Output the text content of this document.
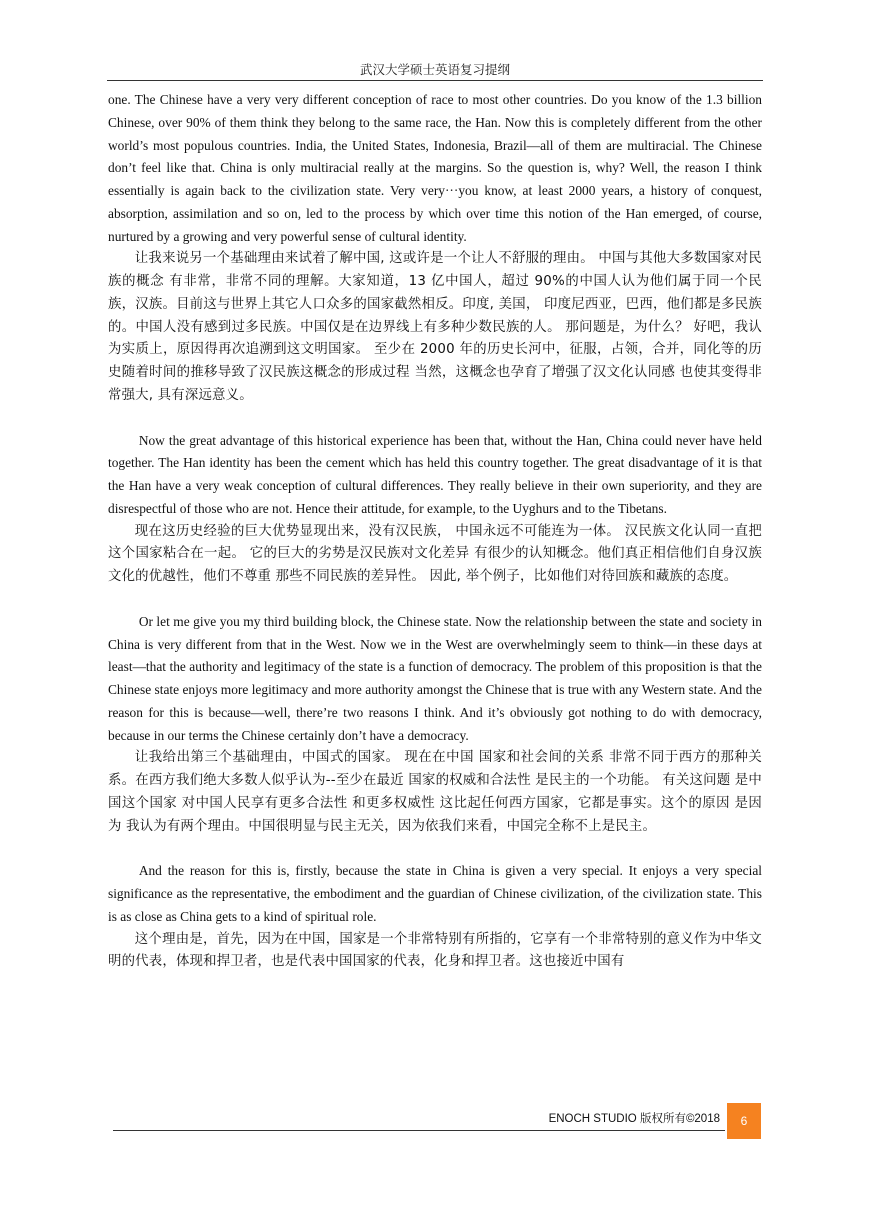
武汉大学硕士英语复习提纲

one. The Chinese have a very very different conception of race to most other countries. Do you know of the 1.3 billion Chinese, over 90% of them think they belong to the same race, the Han. Now this is completely different from the other world’s most populous countries. India, the United States, Indonesia, Brazil—all of them are multiracial. The Chinese don’t feel like that. China is only multiracial really at the margins. So the question is, why? Well, the reason I think essentially is again back to the civilization state. Very very···you know, at least 2000 years, a history of conquest, absorption, assimilation and so on, led to the process by which over time this notion of the Han emerged, of course, nurtured by a growing and very powerful sense of cultural identity.

让我来说另一个基础理由来试着了解中国, 这或许是一个让人不舒服的理由。 中国与其他大多数国家对民族的概念 有非常，非常不同的理解。大家知道，13 亿中国人，超过 90%的中国人认为他们属于同一个民族，汉族。目前这与世界上其它人口众多的国家截然相反。印度, 美国， 印度尼西亚，巴西，他们都是多民族的。中国人没有感到过多民族。中国仅是在边界线上有多种少数民族的人。 那问题是，为什么？ 好吧，我认为实质上，原因得再次追溯到这文明国家。 至少在 2000 年的历史长河中，征服，占领，合并，同化等的历史随着时间的推移导致了汉民族这概念的形成过程 当然，这概念也孕育了增强了汉文化认同感 也使其变得非常强大, 具有深远意义。

Now the great advantage of this historical experience has been that, without the Han, China could never have held together. The Han identity has been the cement which has held this country together. The great disadvantage of it is that the Han have a very weak conception of cultural differences. They really believe in their own superiority, and they are disrespectful of those who are not. Hence their attitude, for example, to the Uyghurs and to the Tibetans.

现在这历史经验的巨大优势显现出来，没有汉民族， 中国永远不可能连为一体。 汉民族文化认同一直把这个国家粘合在一起。 它的巨大的劣势是汉民族对文化差异 有很少的认知概念。他们真正相信他们自身汉族文化的优越性，他们不尊重 那些不同民族的差异性。 因此, 举个例子，比如他们对待回族和藏族的态度。

Or let me give you my third building block, the Chinese state. Now the relationship between the state and society in China is very different from that in the West. Now we in the West are overwhelmingly seem to think—in these days at least—that the authority and legitimacy of the state is a function of democracy. The problem of this proposition is that the Chinese state enjoys more legitimacy and more authority amongst the Chinese that is true with any Western state. And the reason for this is because—well, there’re two reasons I think. And it’s obviously got nothing to do with democracy, because in our terms the Chinese certainly don’t have a democracy.

让我给出第三个基础理由，中国式的国家。 现在在中国 国家和社会间的关系 非常不同于西方的那种关系。在西方我们绝大多数人似乎认为--至少在最近 国家的权威和合法性 是民主的一个功能。 有关这问题 是中国这个国家 对中国人民享有更多合法性 和更多权威性 这比起任何西方国家，它都是事实。这个的原因 是因为 我认为有两个理由。中国很明显与民主无关，因为依我们来看，中国完全称不上是民主。

And the reason for this is, firstly, because the state in China is given a very special. It enjoys a very special significance as the representative, the embodiment and the guardian of Chinese civilization, of the civilization state. This is as close as China gets to a kind of spiritual role.

这个理由是，首先，因为在中国，国家是一个非常特别有所指的，它享有一个非常特别的意义作为中华文明的代表，体现和捍卫者，也是代表中国国家的代表，化身和捍卫者。这也接近中国有

ENOCH STUDIO 版权所有©2018	6
